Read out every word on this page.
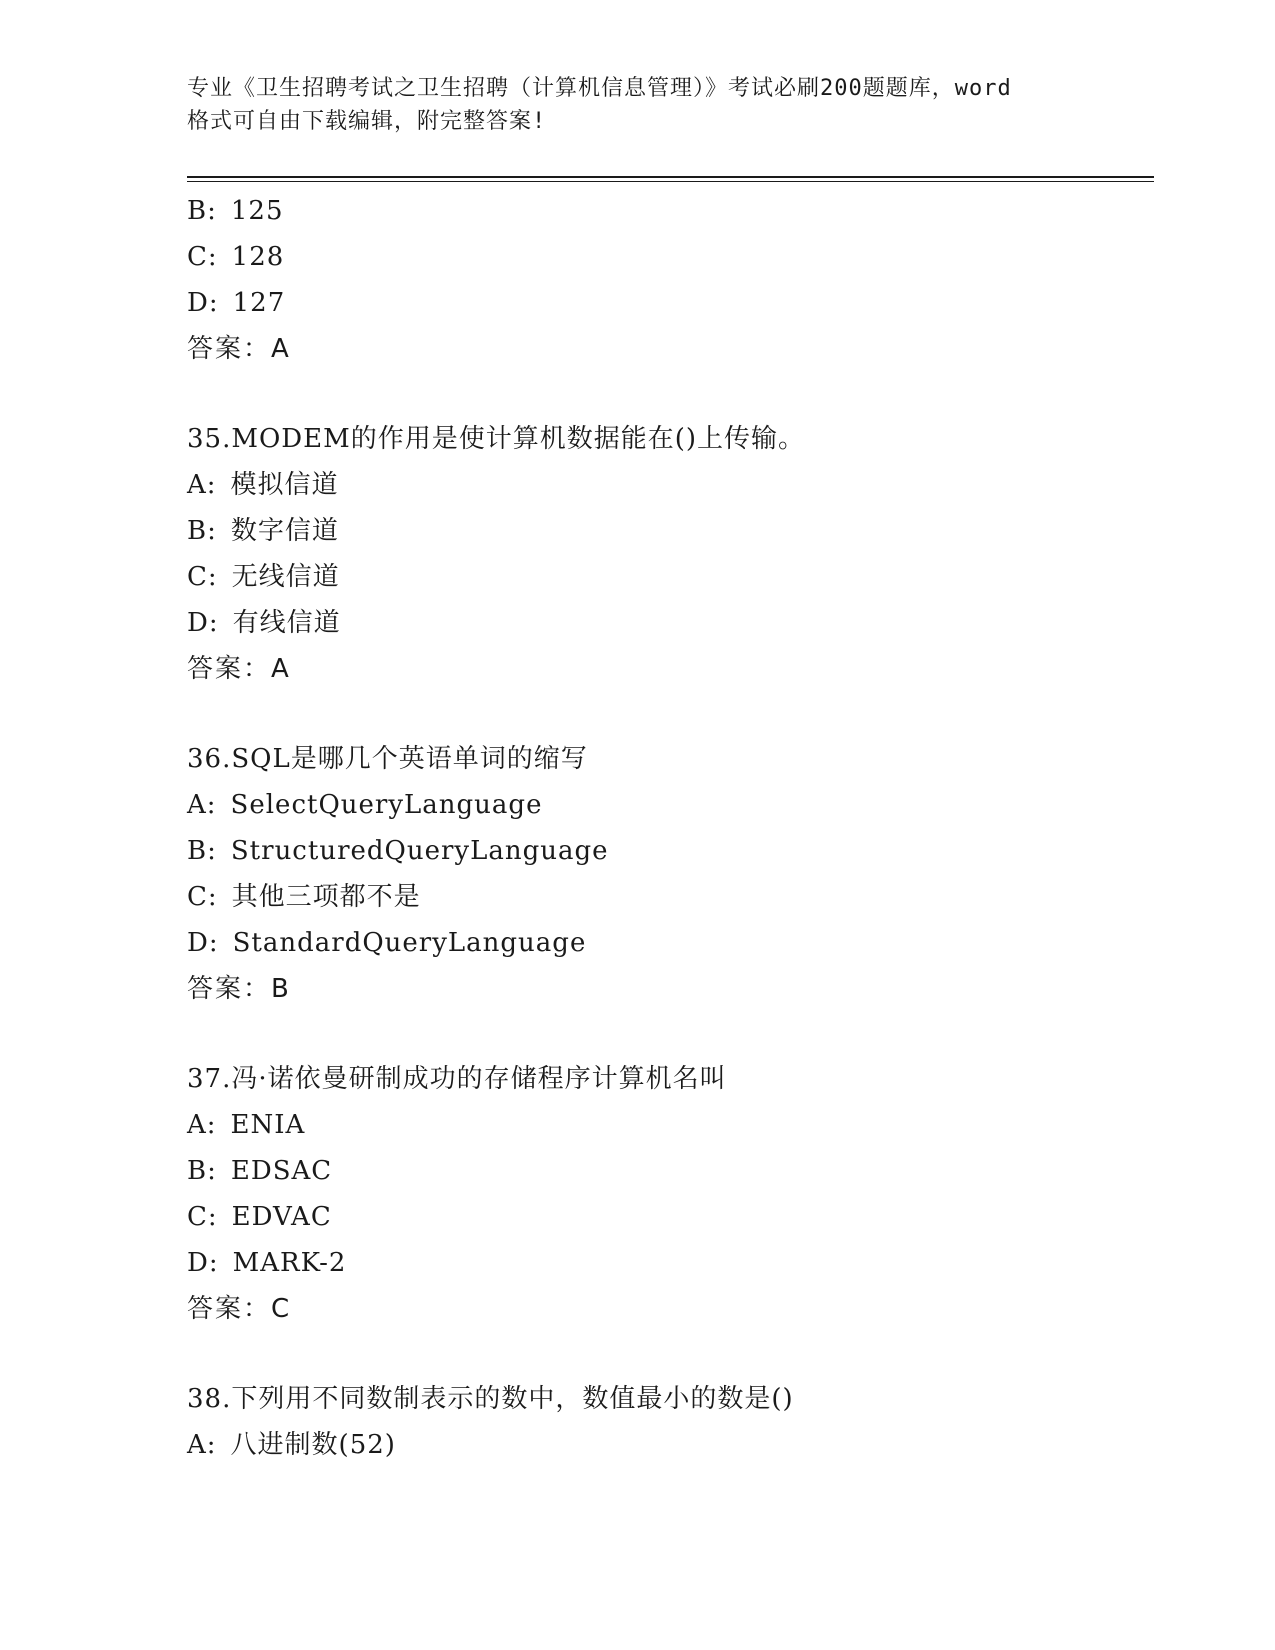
专业《卫生招聘考试之卫生招聘（计算机信息管理）》考试必刷200题题库，word
格式可自由下载编辑，附完整答案!
B: 125
C: 128
D: 127
答案：A
35.MODEM的作用是使计算机数据能在()上传输。
A: 模拟信道
B: 数字信道
C: 无线信道
D: 有线信道
答案：A
36.SQL是哪几个英语单词的缩写
A: SelectQueryLanguage
B: StructuredQueryLanguage
C: 其他三项都不是
D: StandardQueryLanguage
答案：B
37.冯·诺依曼研制成功的存储程序计算机名叫
A: ENIA
B: EDSAC
C: EDVAC
D: MARK-2
答案：C
38.下列用不同数制表示的数中，数值最小的数是()
A: 八进制数(52)
